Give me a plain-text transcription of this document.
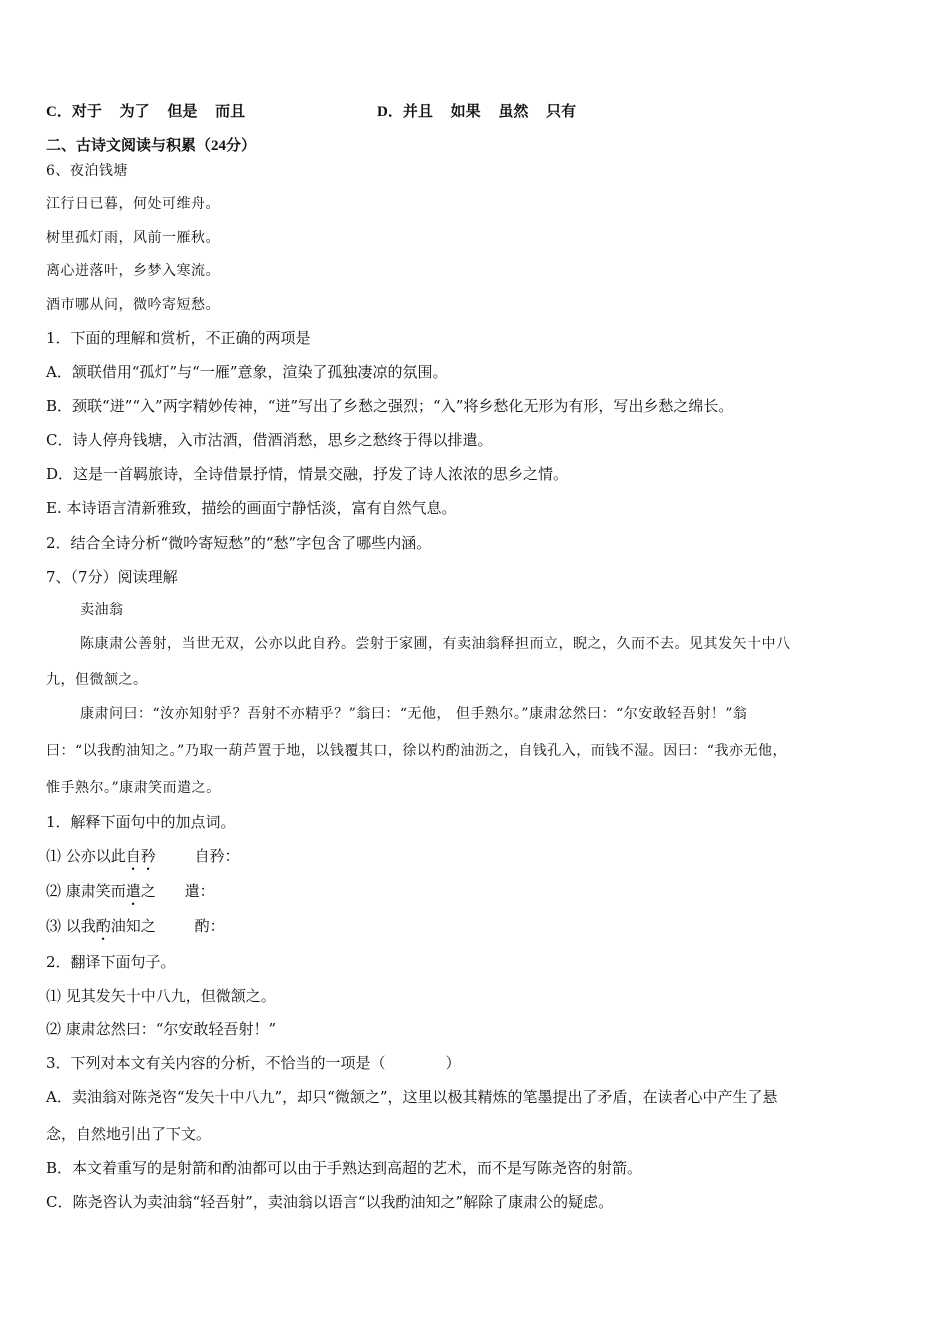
C．对于 为了 但是 而且	D．并且 如果 虽然 只有
二、古诗文阅读与积累（24分）
6、夜泊钱塘
江行日已暮，何处可维舟。
树里孤灯雨，风前一雁秋。
离心迸落叶，乡梦入寒流。
酒市哪从问，微吟寄短愁。
1．下面的理解和赏析，不正确的两项是
A．颔联借用“孤灯”与“一雁”意象，渲染了孤独凄凉的氛围。
B．颈联“迸”“入”两字精妙传神，“迸”写出了乡愁之强烈；“入”将乡愁化无形为有形，写出乡愁之绵长。
C．诗人停舟钱塘，入市沽酒，借酒消愁，思乡之愁终于得以排遣。
D．这是一首羁旅诗，全诗借景抒情，情景交融，抒发了诗人浓浓的思乡之情。
E. 本诗语言清新雅致，描绘的画面宁静恬淡，富有自然气息。
2．结合全诗分析“微吟寄短愁”的“愁”字包含了哪些内涵。
7、（7分）阅读理解
卖油翁
陈康肃公善射，当世无双，公亦以此自矜。尝射于家圃，有卖油翁释担而立，睨之，久而不去。见其发矢十中八
九，但微颔之。
康肃问曰：“汝亦知射乎？吾射不亦精乎？”翁曰：“无他， 但手熟尔。”康肃忿然曰：“尔安敢轻吾射！”翁
曰：“以我酌油知之。”乃取一葫芦置于地，以钱覆其口，徐以杓酌油沥之，自钱孔入，而钱不湿。因曰：“我亦无他，
惟手熟尔。”康肃笑而遣之。
1．解释下面句中的加点词。
⑴ 公亦以此自矜	自矜：
⑵ 康肃笑而遣之 遣：
⑶ 以我酌油知之	酌：
2．翻译下面句子。
⑴ 见其发矢十中八九，但微颔之。
⑵ 康肃忿然曰：“尔安敢轻吾射！”
3．下列对本文有关内容的分析，不恰当的一项是（　　　　）
A．卖油翁对陈尧咨“发矢十中八九”，却只“微颔之”，这里以极其精炼的笔墨提出了矛盾，在读者心中产生了悬
念，自然地引出了下文。
B．本文着重写的是射箭和酌油都可以由于手熟达到高超的艺术，而不是写陈尧咨的射箭。
C．陈尧咨认为卖油翁“轻吾射”，卖油翁以语言“以我酌油知之”解除了康肃公的疑虑。
